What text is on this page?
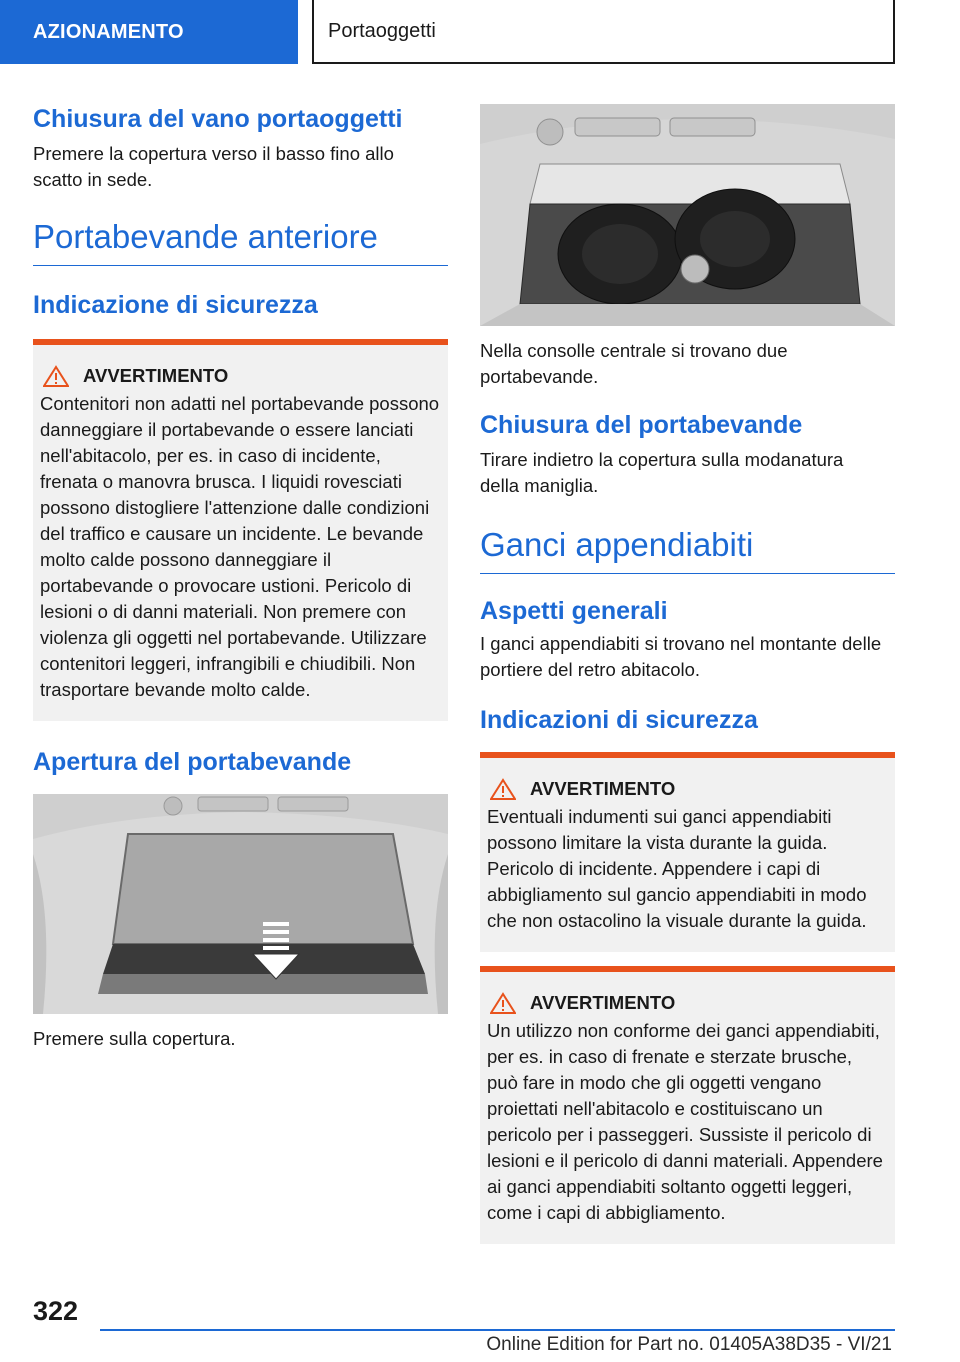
AZIONAMENTO	Portaoggetti
Chiusura del vano portaoggetti

Premere la copertura verso il basso fino allo scatto in sede.

Portabevande anteriore
Indicazione di sicurezza
AVVERTIMENTO

Contenitori non adatti nel portabevande possono danneggiare il portabevande o essere lanciati nell'abitacolo, per es. in caso di incidente, frenata o manovra brusca. I liquidi rovesciati possono distogliere l'attenzione dalle condizioni del traffico e causare un incidente. Le bevande molto calde possono danneggiare il portabevande o provocare ustioni. Pericolo di lesioni o di danni materiali. Non premere con violenza gli oggetti nel portabevande. Utilizzare contenitori leggeri, infrangibili e chiudibili. Non trasportare bevande molto calde.

Apertura del portabevande

Premere sulla copertura.

Nella consolle centrale si trovano due portabevande.

Chiusura del portabevande

Tirare indietro la copertura sulla modanatura della maniglia.

Ganci appendiabiti
Aspetti generali

I ganci appendiabiti si trovano nel montante delle portiere del retro abitacolo.

Indicazioni di sicurezza
AVVERTIMENTO

Eventuali indumenti sui ganci appendiabiti possono limitare la vista durante la guida. Pericolo di incidente. Appendere i capi di abbigliamento sul gancio appendiabiti in modo che non ostacolino la visuale durante la guida.

AVVERTIMENTO

Un utilizzo non conforme dei ganci appendiabiti, per es. in caso di frenate e sterzate brusche, può fare in modo che gli oggetti vengano proiettati nell'abitacolo e costituiscano un pericolo per i passeggeri. Sussiste il pericolo di lesioni e il pericolo di danni materiali. Appendere ai ganci appendiabiti soltanto oggetti leggeri, come i capi di abbigliamento.

322
Online Edition for Part no. 01405A38D35 - VI/21
